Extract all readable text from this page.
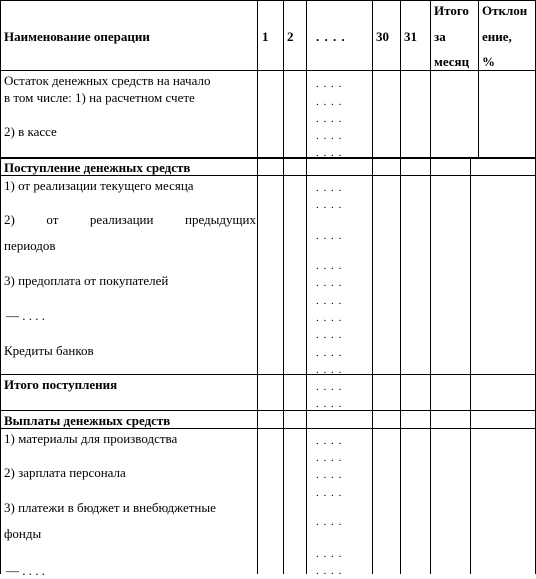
Наименование операции	1 2 . . . . 30 31
Итого
за
месяц
Отклон
ение,
%
Остаток денежных средств на начало
в том числе: 1) на расчетном счете
2) в кассе
Поступление денежных средств
1) от реализации текущего месяца
2) от реализации предыдущих
периодов
3) предоплата от покупателей
— . . . .
Кредиты банков
Итого поступления
Выплаты денежных средств
1) материалы для производства
2) зарплата персонала
3) платежи в бюджет и внебюджетные
фонды
— . . . .
. . . .
. . . .
. . . .
. . . .
. . . .
. . . .
. . . .
. . . .
. . . .
. . . .
. . . .
. . . .
. . . .
. . . .
. . . .
. . . .
. . . .
. . . .
. . . .
. . . .
. . . .
. . . .
. . . .
. . . .
